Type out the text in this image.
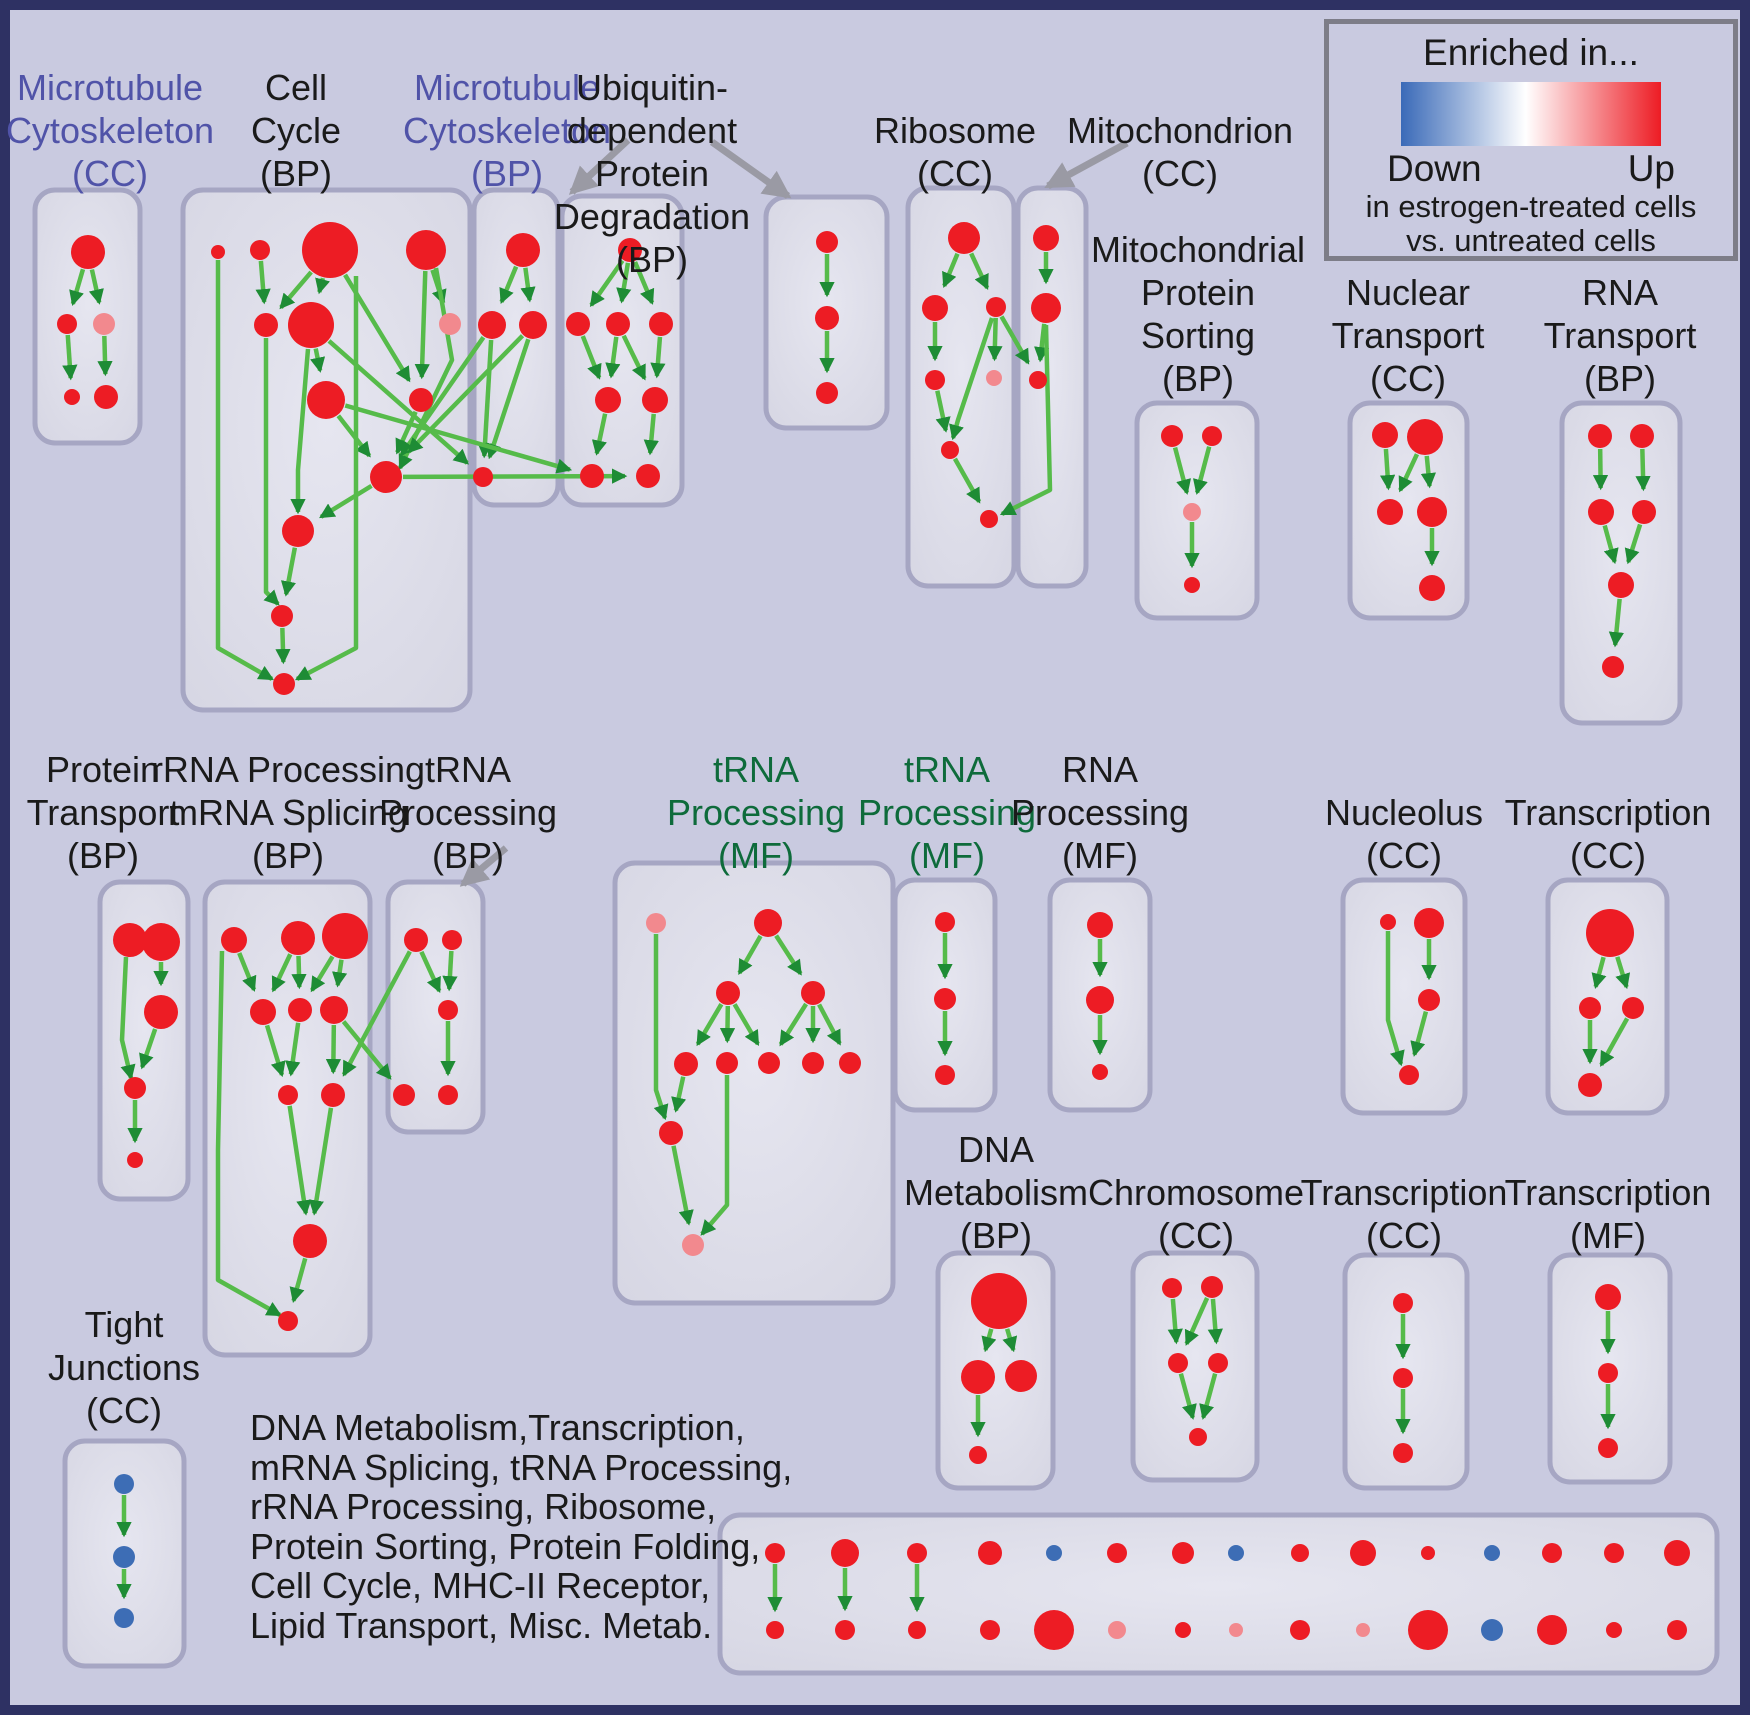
Microtubule
Cytoskeleton
(CC)
Cell
Cycle
(BP)
Microtubule
Cytoskeleton
(BP)
Ubiquitin-
dependent
Protein
Degradation
(BP)
Ribosome
(CC)
Mitochondrion
(CC)
Mitochondrial
Protein
Sorting
(BP)
Nuclear
Transport
(CC)
RNA
Transport
(BP)
Protein
Transport
(BP)
rRNA Processing
mRNA Splicing
(BP)
tRNA
Processing
(BP)
tRNA
Processing
(MF)
tRNA
Processing
(MF)
RNA
Processing
(MF)
Nucleolus
(CC)
Transcription
(CC)
DNA
Metabolism
(BP)
Chromosome
(CC)
Transcription
(CC)
Transcription
(MF)
Tight
Junctions
(CC)
Enriched in...
Down	Up
in estrogen-treated cells
vs. untreated cells
DNA Metabolism,Transcription,
mRNA Splicing, tRNA Processing,
rRNA Processing, Ribosome,
Protein Sorting, Protein Folding,
Cell Cycle, MHC-II Receptor,
Lipid Transport, Misc. Metab.
